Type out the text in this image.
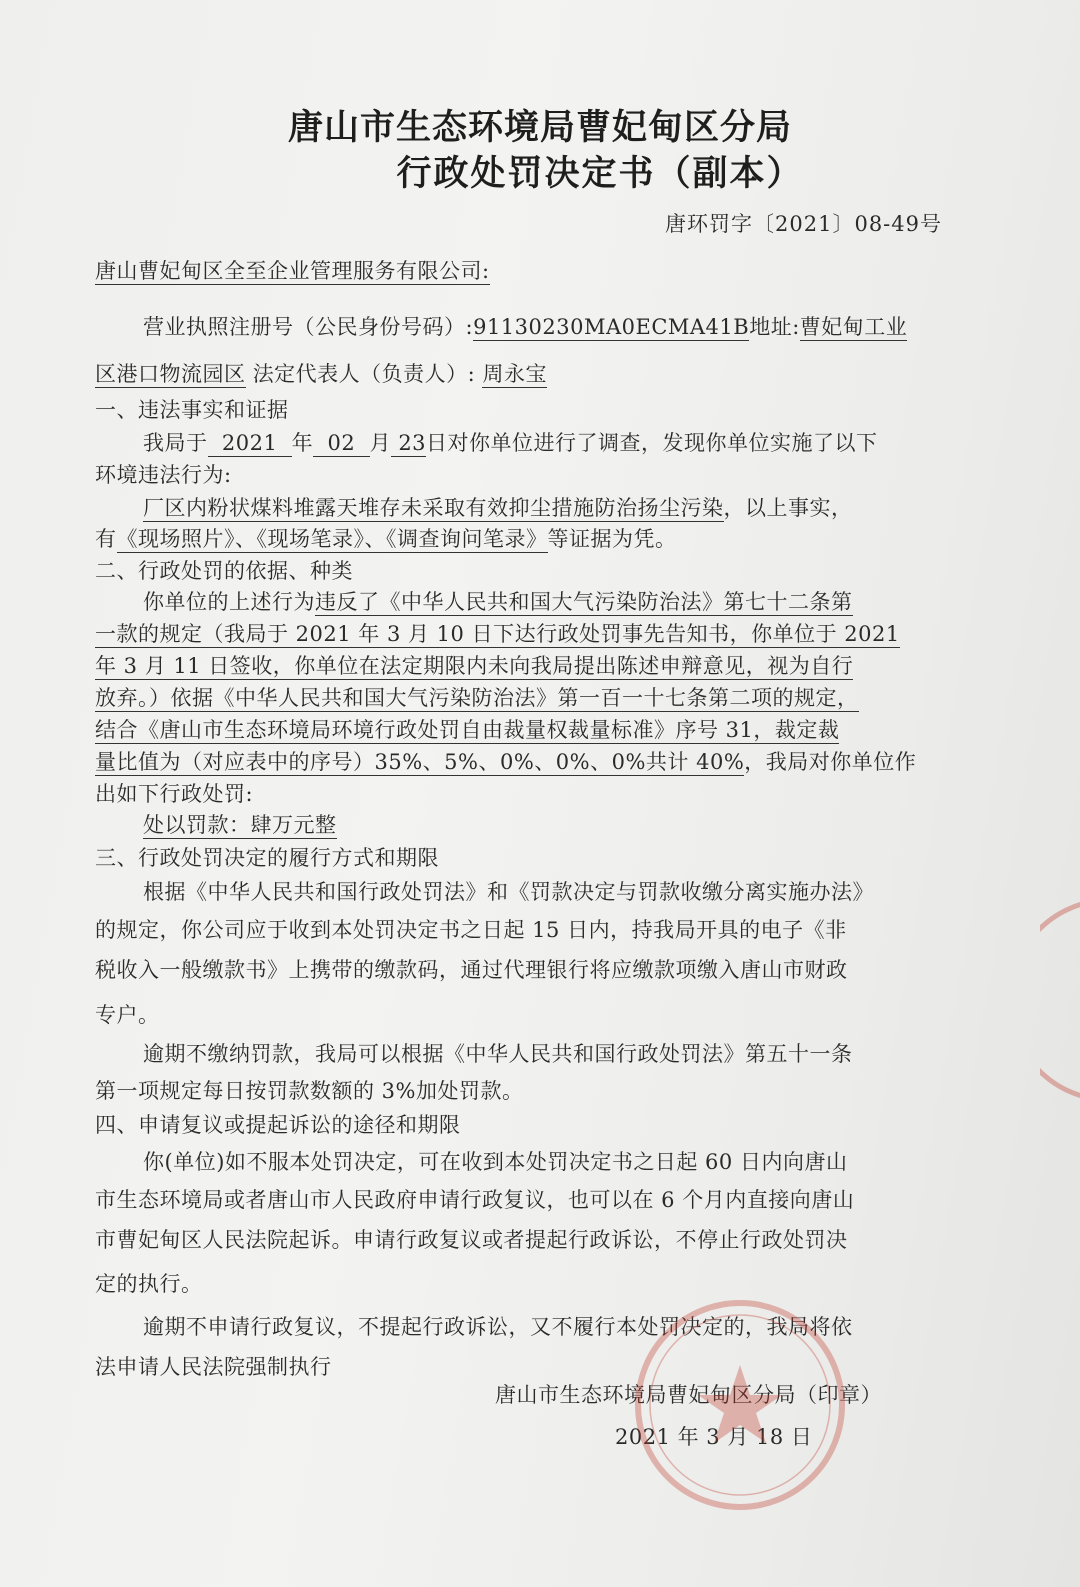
唐山市生态环境局曹妃甸区分局
行政处罚决定书（副本）
唐环罚字〔2021〕08-49号
唐山曹妃甸区全至企业管理服务有限公司:
营业执照注册号（公民身份号码）:91130230MA0ECMA41B地址:曹妃甸工业
区港口物流园区 法定代表人（负责人）: 周永宝
一、违法事实和证据
我局于 2021 年 02 月 23日对你单位进行了调查，发现你单位实施了以下
环境违法行为:
厂区内粉状煤料堆露天堆存未采取有效抑尘措施防治扬尘污染，以上事实，
有《现场照片》、《现场笔录》、《调查询问笔录》等证据为凭。
二、行政处罚的依据、种类
你单位的上述行为违反了《中华人民共和国大气污染防治法》第七十二条第
一款的规定（我局于 2021 年 3 月 10 日下达行政处罚事先告知书，你单位于 2021
年 3 月 11 日签收，你单位在法定期限内未向我局提出陈述申辩意见，视为自行
放弃。）依据《中华人民共和国大气污染防治法》第一百一十七条第二项的规定，
结合《唐山市生态环境局环境行政处罚自由裁量权裁量标准》序号 31，裁定裁
量比值为（对应表中的序号）35%、5%、0%、0%、0%共计 40%，我局对你单位作
出如下行政处罚:
处以罚款：肆万元整
三、行政处罚决定的履行方式和期限
根据《中华人民共和国行政处罚法》和《罚款决定与罚款收缴分离实施办法》
的规定，你公司应于收到本处罚决定书之日起 15 日内，持我局开具的电子《非
税收入一般缴款书》上携带的缴款码，通过代理银行将应缴款项缴入唐山市财政
专户。
逾期不缴纳罚款，我局可以根据《中华人民共和国行政处罚法》第五十一条
第一项规定每日按罚款数额的 3%加处罚款。
四、申请复议或提起诉讼的途径和期限
你(单位)如不服本处罚决定，可在收到本处罚决定书之日起 60 日内向唐山
市生态环境局或者唐山市人民政府申请行政复议，也可以在 6 个月内直接向唐山
市曹妃甸区人民法院起诉。申请行政复议或者提起行政诉讼，不停止行政处罚决
定的执行。
逾期不申请行政复议，不提起行政诉讼，又不履行本处罚决定的，我局将依
法申请人民法院强制执行
唐山市生态环境局曹妃甸区分局（印章）
2021 年 3 月 18 日
